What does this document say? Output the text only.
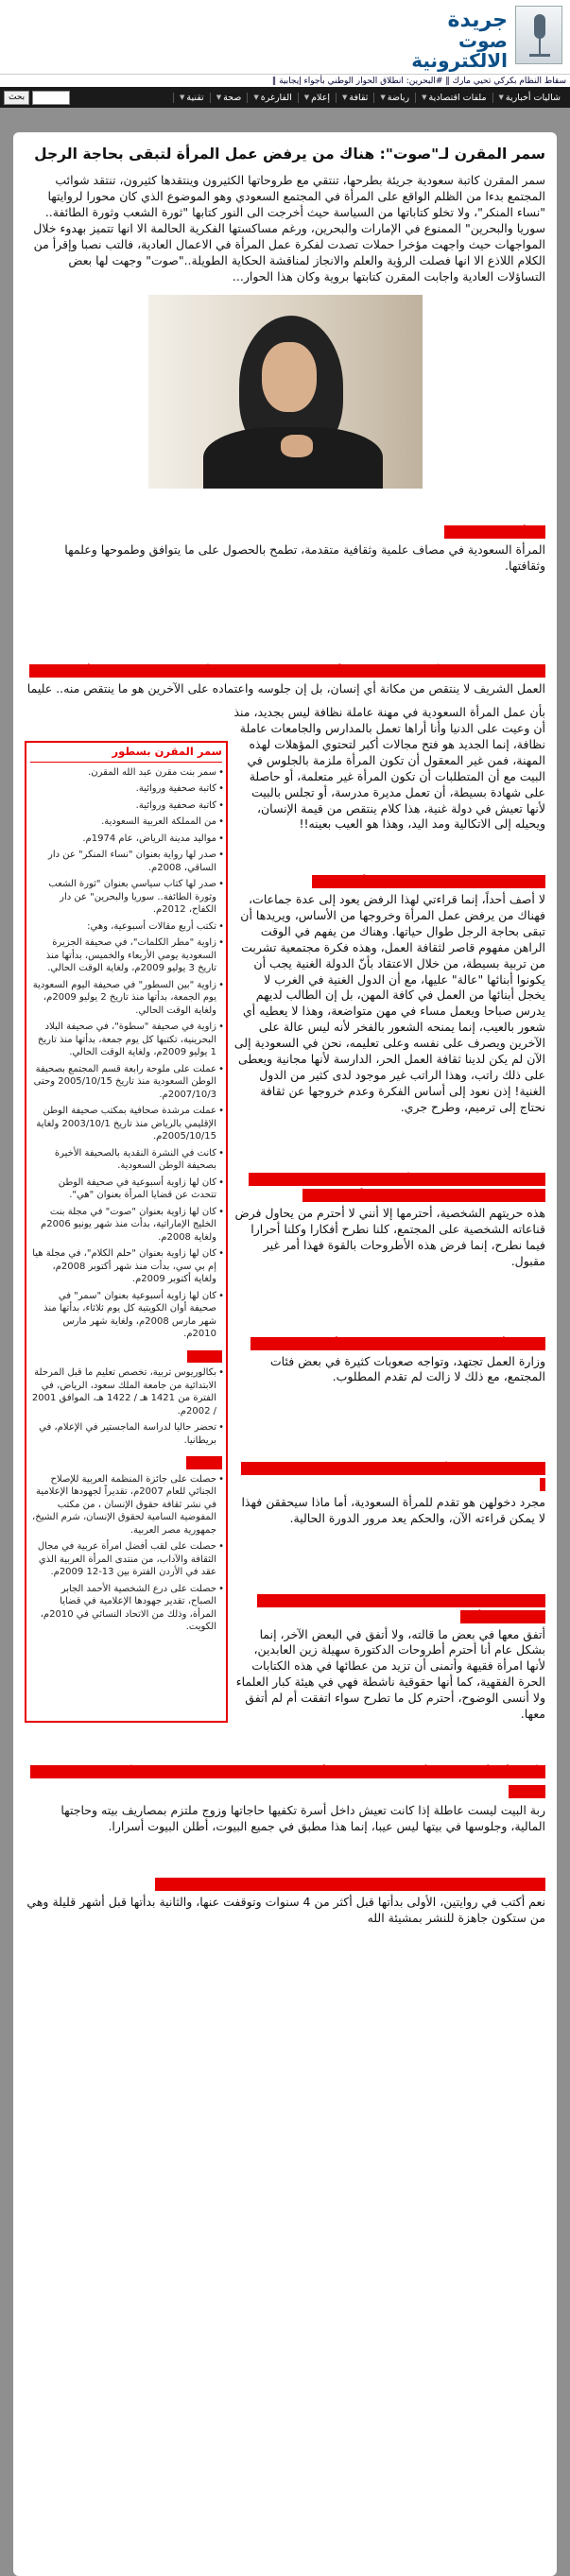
جريدة
صوت الالكترونية
سقاط النظام بكركي تحيي مارك ‖ #البحرين: انطلاق الحوار الوطني بأجواء إيجابية ‖
شاليات أخبارية
▼
ملفات اقتصادية
▼
رياضة
▼
ثقافة
▼
إعلام
▼
الفارغرة
▼
صحة
▼
تقنية
▼
بحث
سمر المقرن لـ"صوت": هناك من يرفض عمل المرأة لتبقى بحاجة الرجل

سمر المقرن كاتبة سعودية جريئة بطرحها، تنتقي مع طروحاتها الكثيرون وينتقدها كثيرون، تنتقد شوائب المجتمع بدءا من الظلم الواقع على المرأة في المجتمع السعودي وهو الموضوع الذي كان محورا لروايتها "نساء المنكر"، ولا تخلو كتاباتها من السياسة حيث أخرجت الى النور كتابها "ثورة الشعب وثورة الطائفة.. سوريا والبحرين" الممنوع في الإمارات والبحرين، ورغم مساكستها الفكرية الحالمة الا انها تتميز بهدوء خلال المواجهات حيث واجهت مؤخرا حملات تصدت لفكرة عمل المرأة في الاعمال العادية، فالتب نصبا وإقرأ من الكلام اللاذع الا انها فصلت الرؤية والعلم والانجاز لمناقشة الحكاية الطويلة.."صوت" وجهت لها بعض التساؤلات العادية واجابت المقرن كتابتها بروية وكان هذا الحوار...

المرأة السعودية اليوم

المرأة السعودية في مصاف علمية وثقافية متقدمة، تطمح بالحصول على ما يتوافق وطموحها وعلمها وثقافتها.

تم الحديث في الاونة الأخيرة حول عمل المرأة كعاملة نظافة، هل ترى بالأمر انتقاصا من ثقافة المرأة السعودية؟

العمل الشريف لا ينتقص من مكانة أي إنسان، بل إن جلوسه واعتماده على الآخرين هو ما ينتقص منه.. عليما

بأن عمل المرأة السعودية في مهنة عاملة نظافة ليس بجديد، منذ أن وعيت على الدنيا وأنا أراها تعمل بالمدارس والجامعات عاملة نظافة، إنما الجديد هو فتح مجالات أكبر لتحتوي المؤهلات لهذه المهنة، فمن غير المعقول أن تكون المرأة ملزمة بالجلوس في البيت مع أن المتطلبات أن تكون المرأة غير متعلمة، أو حاصلة على شهادة بسيطة، أن تعمل مديرة مدرسة، أو تجلس بالبيت لأنها تعيش في دولة غنية، هذا كلام ينتقص من قيمة الإنسان، ويحيله إلى الاتكالية ومد اليد، وهذا هو العيب بعينه!!

كيف تنظرين إلى من يعارض عمل المرأة بالخدمة؟

لا أصف أحداً، إنما قراءتي لهذا الرفض يعود إلى عدة جماعات، فهناك من يرفض عمل المرأة وخروجها من الأساس، ويريدها أن تبقى بحاجة الرجل طوال حياتها. وهناك من يفهم في الوقت الراهن مفهوم قاصر لثقافة العمل، وهذه فكرة مجتمعية تشربت من تربية بسيطة، من خلال الاعتقاد بأنّ الدولة الغنية يجب أن يكونوا أبنائها "عالة" عليها، مع أن الدول الغنية في الغرب لا يخجل أبنائها من العمل في كافة المهن، بل إن الطالب لديهم يدرس صباحا ويعمل مساء في مهن متواضعة، وهذا لا يعطيه أي شعور بالعيب، إنما يمنحه الشعور بالفخر لأنه ليس عالة على الآخرين ويصرف على نفسه وعلى تعليمه، نحن في السعودية إلى الآن لم يكن لدينا ثقافة العمل الحر، الدارسة لأنها مجانية ويعطى على ذلك راتب، وهذا الراتب غير موجود لدى كثير من الدول الغنية! إذن نعود إلى أساس الفكرة وعدم خروجها عن ثقافة نحتاج إلى ترميم، وطرح جري.

نهى رجال الدين والمجتمع والأقارب برفضهم للعمل، كيف يتعامل رجال الدين والمجتمع السعودي مع المرأة المستقلة؟

هذه حريتهم الشخصية، أحترمها إلا أنني لا أحترم من يحاول فرض قناعاته الشخصية على المجتمع، كلنا نطرح أفكارا وكلنا أحرارا فيما نطرح، إنما فرض هذه الأطروحات بالقوة فهذا أمر غير مقبول.

هل ترى أن وزارة العمل تقدم ما تحتاجه المرأة السعودية اليوم؟

وزارة العمل تجتهد، وتواجه صعوبات كثيرة في بعض فئات المجتمع، مع ذلك لا زالت لم تقدم المطلوب.

هل ستعيدين تقديم الأعمال السينمائية والقصص العربية بالسعودية ؟

مجرد دخولهن هو تقدم للمرأة السعودية، أما ماذا سيحققن فهذا لا يمكن قراءته الآن، والحكم يعد مرور الدورة الحالية.

سهيلة زين العابدين المفكرة تصنف عملك بكتابات غير معرفية، كيف تقيمين رأيها؟

أتفق معها في بعض ما قالته، ولا أتفق في البعض الآخر، إنما بشكل عام أنا أحترم أطروحات الدكتورة سهيلة زين العابدين، لأنها امرأة فقيهة وأتمنى أن تزيد من عطائها في هذه الكتابات الحرة الفقهية، كما أنها حقوقية ناشطة فهي في هيئة كبار العلماء ولا أنسى الوضوح، أحترم كل ما تطرح سواء اتفقت أم لم أتفق معها.

سمر المقرن بسطور
• سمر بنت مقرن عبد الله المقرن.
• كاتبة صحفية وروائية.
• كاتبة صحفية وروائية.
• من المملكة العربية السعودية.
• مواليد مدينة الرياض، عام 1974م.
• صدر لها رواية بعنوان "نساء المنكر" عن دار الساقي، 2008م.
• صدر لها كتاب سياسي بعنوان "ثورة الشعب وثورة الطائفة.. سوريا والبحرين" عن دار الكفاح، 2012م.
• تكتب أربع مقالات أسبوعية، وهي:
• زاوية "مطر الكلمات"، في صحيفة الجزيرة السعودية يومي الأربعاء والخميس، بدأتها منذ تاريخ 3 يوليو 2009م، ولغاية الوقت الحالي.
• زاوية "بين السطور" في صحيفة اليوم السعودية يوم الجمعة، بدأتها منذ تاريخ 2 يوليو 2009م، ولغاية الوقت الحالي.
• زاوية في صحيفة "سطوة"، في صحيفة البلاد البحرينية، تكتبها كل يوم جمعة، بدأتها منذ تاريخ 1 يوليو 2009م، ولغاية الوقت الحالي.
• عملت على ملوحة رابعة قسم المجتمع بصحيفة الوطن السعودية منذ تاريخ 2005/10/15 وحتى 2007/10/3م.
• عملت مرشدة صحافية بمكتب صحيفة الوطن الإقليمي بالرياض منذ تاريخ 2003/10/1 ولغاية 2005/10/15م.
• كانت في النشرة النقدية بالصحيفة الأخيرة بصحيفة الوطن السعودية.
• كان لها زاوية أسبوعية في صحيفة الوطن تتحدث عن قضايا المرأة بعنوان "هي".
• كان لها زاوية بعنوان "صوت" في مجلة بنت الخليج الإماراتية، بدأت منذ شهر يونيو 2006م ولغاية 2008م.
• كان لها زاوية بعنوان "حلم الكلام"، في مجلة هيا إم بي سي، بدأت منذ شهر أكتوبر 2008م، ولغاية أكتوبر 2009م.
• كان لها زاوية أسبوعية بعنوان "سمر" في صحيفة أوان الكويتية كل يوم ثلاثاء، بدأتها منذ شهر مارس 2008م، ولغاية شهر مارس 2010م.
التعليم
• بكالوريوس تربية، تخصص تعليم ما قبل المرحلة الابتدائية من جامعة الملك سعود، الرياض، في الفترة من 1421 هـ / 1422 هـ، الموافق 2001 / 2002م.
• تحضر حاليا لدراسة الماجستير في الإعلام، في بريطانيا.
الجوائز
• حصلت على جائزة المنظمة العربية للإصلاح الجنائي للعام 2007م، تقديراً لجهودها الإعلامية في نشر ثقافة حقوق الإنسان ، من مكتب المفوضية السامية لحقوق الإنسان، شرم الشيخ، جمهورية مصر العربية.
• حصلت على لقب أفضل امرأة عربية في مجال الثقافة والآداب، من منتدى المرأة العربية الذي عقد في الأردن الفترة بين 13-12 2009م.
• حصلت على درع الشخصية الأحمد الجابر الصباح، تقدير جهودها الإعلامية في قضايا المرأة، وذلك من الاتحاد النسائي في 2010م، الكويت.
الأهم برأيك أي تكون المرأة ومهنتها في المنزل أي "المطبخ" ، خلال قضائها وقتها بتربية الأبناء والاهتمام بمهمات المنزل؟

ربة البيت ليست عاطلة إذا كانت تعيش داخل أسرة تكفيها حاجاتها وزوج ملتزم بمصاريف بيته وحاجتها المالية، وجلوسها في بيتها ليس عيبا، إنما هذا مطبق في جميع البيوت، أطلن البيوت أسرارا.

صدرت لك مؤخرا رواية "نساء المنكر" نقاط عن ملابسات الرواية وماذا تقدمين فيها؟

نعم أكتب في روايتين، الأولى بدأتها قبل أكثر من 4 سنوات وتوقفت عنها، والثانية بدأتها قبل أشهر قليلة وهي من ستكون جاهزة للنشر بمشيئة الله
